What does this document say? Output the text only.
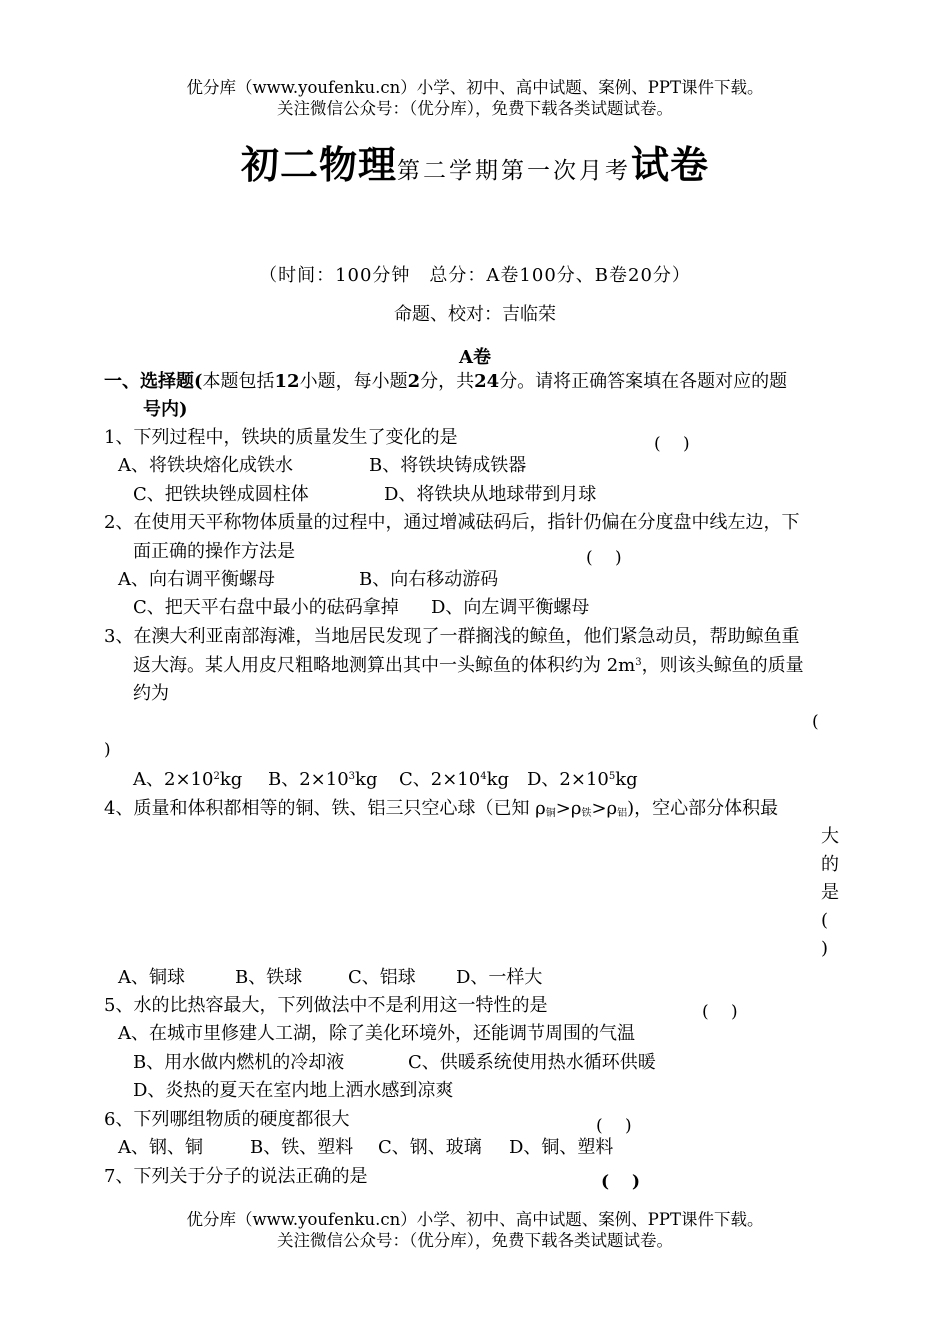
优分库（www.youfenku.cn）小学、初中、高中试题、案例、PPT课件下载。
关注微信公众号：（优分库），免费下载各类试题试卷。
初二物理第二学期第一次月考试卷
（时间：100分钟　总分：A卷100分、B卷20分）
命题、校对：吉临荣
A卷
一、选择题(本题包括12小题，每小题2分，共24分。请将正确答案填在各题对应的题
号内)
1、下列过程中，铁块的质量发生了变化的是	(　 )
A、将铁块熔化成铁水	B、将铁块铸成铁器
C、把铁块锉成圆柱体	D、将铁块从地球带到月球
2、在使用天平称物体质量的过程中，通过增减砝码后，指针仍偏在分度盘中线左边，下
面正确的操作方法是	(　 )
A、向右调平衡螺母	B、向右移动游码
C、把天平右盘中最小的砝码拿掉 D、向左调平衡螺母
3、在澳大利亚南部海滩，当地居民发现了一群搁浅的鲸鱼，他们紧急动员，帮助鲸鱼重
返大海。某人用皮尺粗略地测算出其中一头鲸鱼的体积约为 $2m^3$，则该头鲸鱼的质量
约为
(
)
A、$2\times 10^2kg$ B、$2\times 10^3kg$ C、$2\times 10^4kg$ D、$2\times 10^5kg$
4、质量和体积都相等的铜、铁、铝三只空心球（已知 $\rho_铜>\rho_铁>\rho_铝$)，空心部分体积最
大
的
是
(
)
A、铜球	B、铁球	C、铝球 D、一样大
5、水的比热容最大，下列做法中不是利用这一特性的是	(　 )
A、在城市里修建人工湖，除了美化环境外，还能调节周围的气温
B、用水做内燃机的冷却液	C、供暖系统使用热水循环供暖
D、炎热的夏天在室内地上洒水感到凉爽
6、下列哪组物质的硬度都很大	(　 )
A、钢、铜	B、铁、塑料 C、钢、玻璃 D、铜、塑料
7、下列关于分子的说法正确的是	(　 )
优分库（www.youfenku.cn）小学、初中、高中试题、案例、PPT课件下载。
关注微信公众号：（优分库），免费下载各类试题试卷。
